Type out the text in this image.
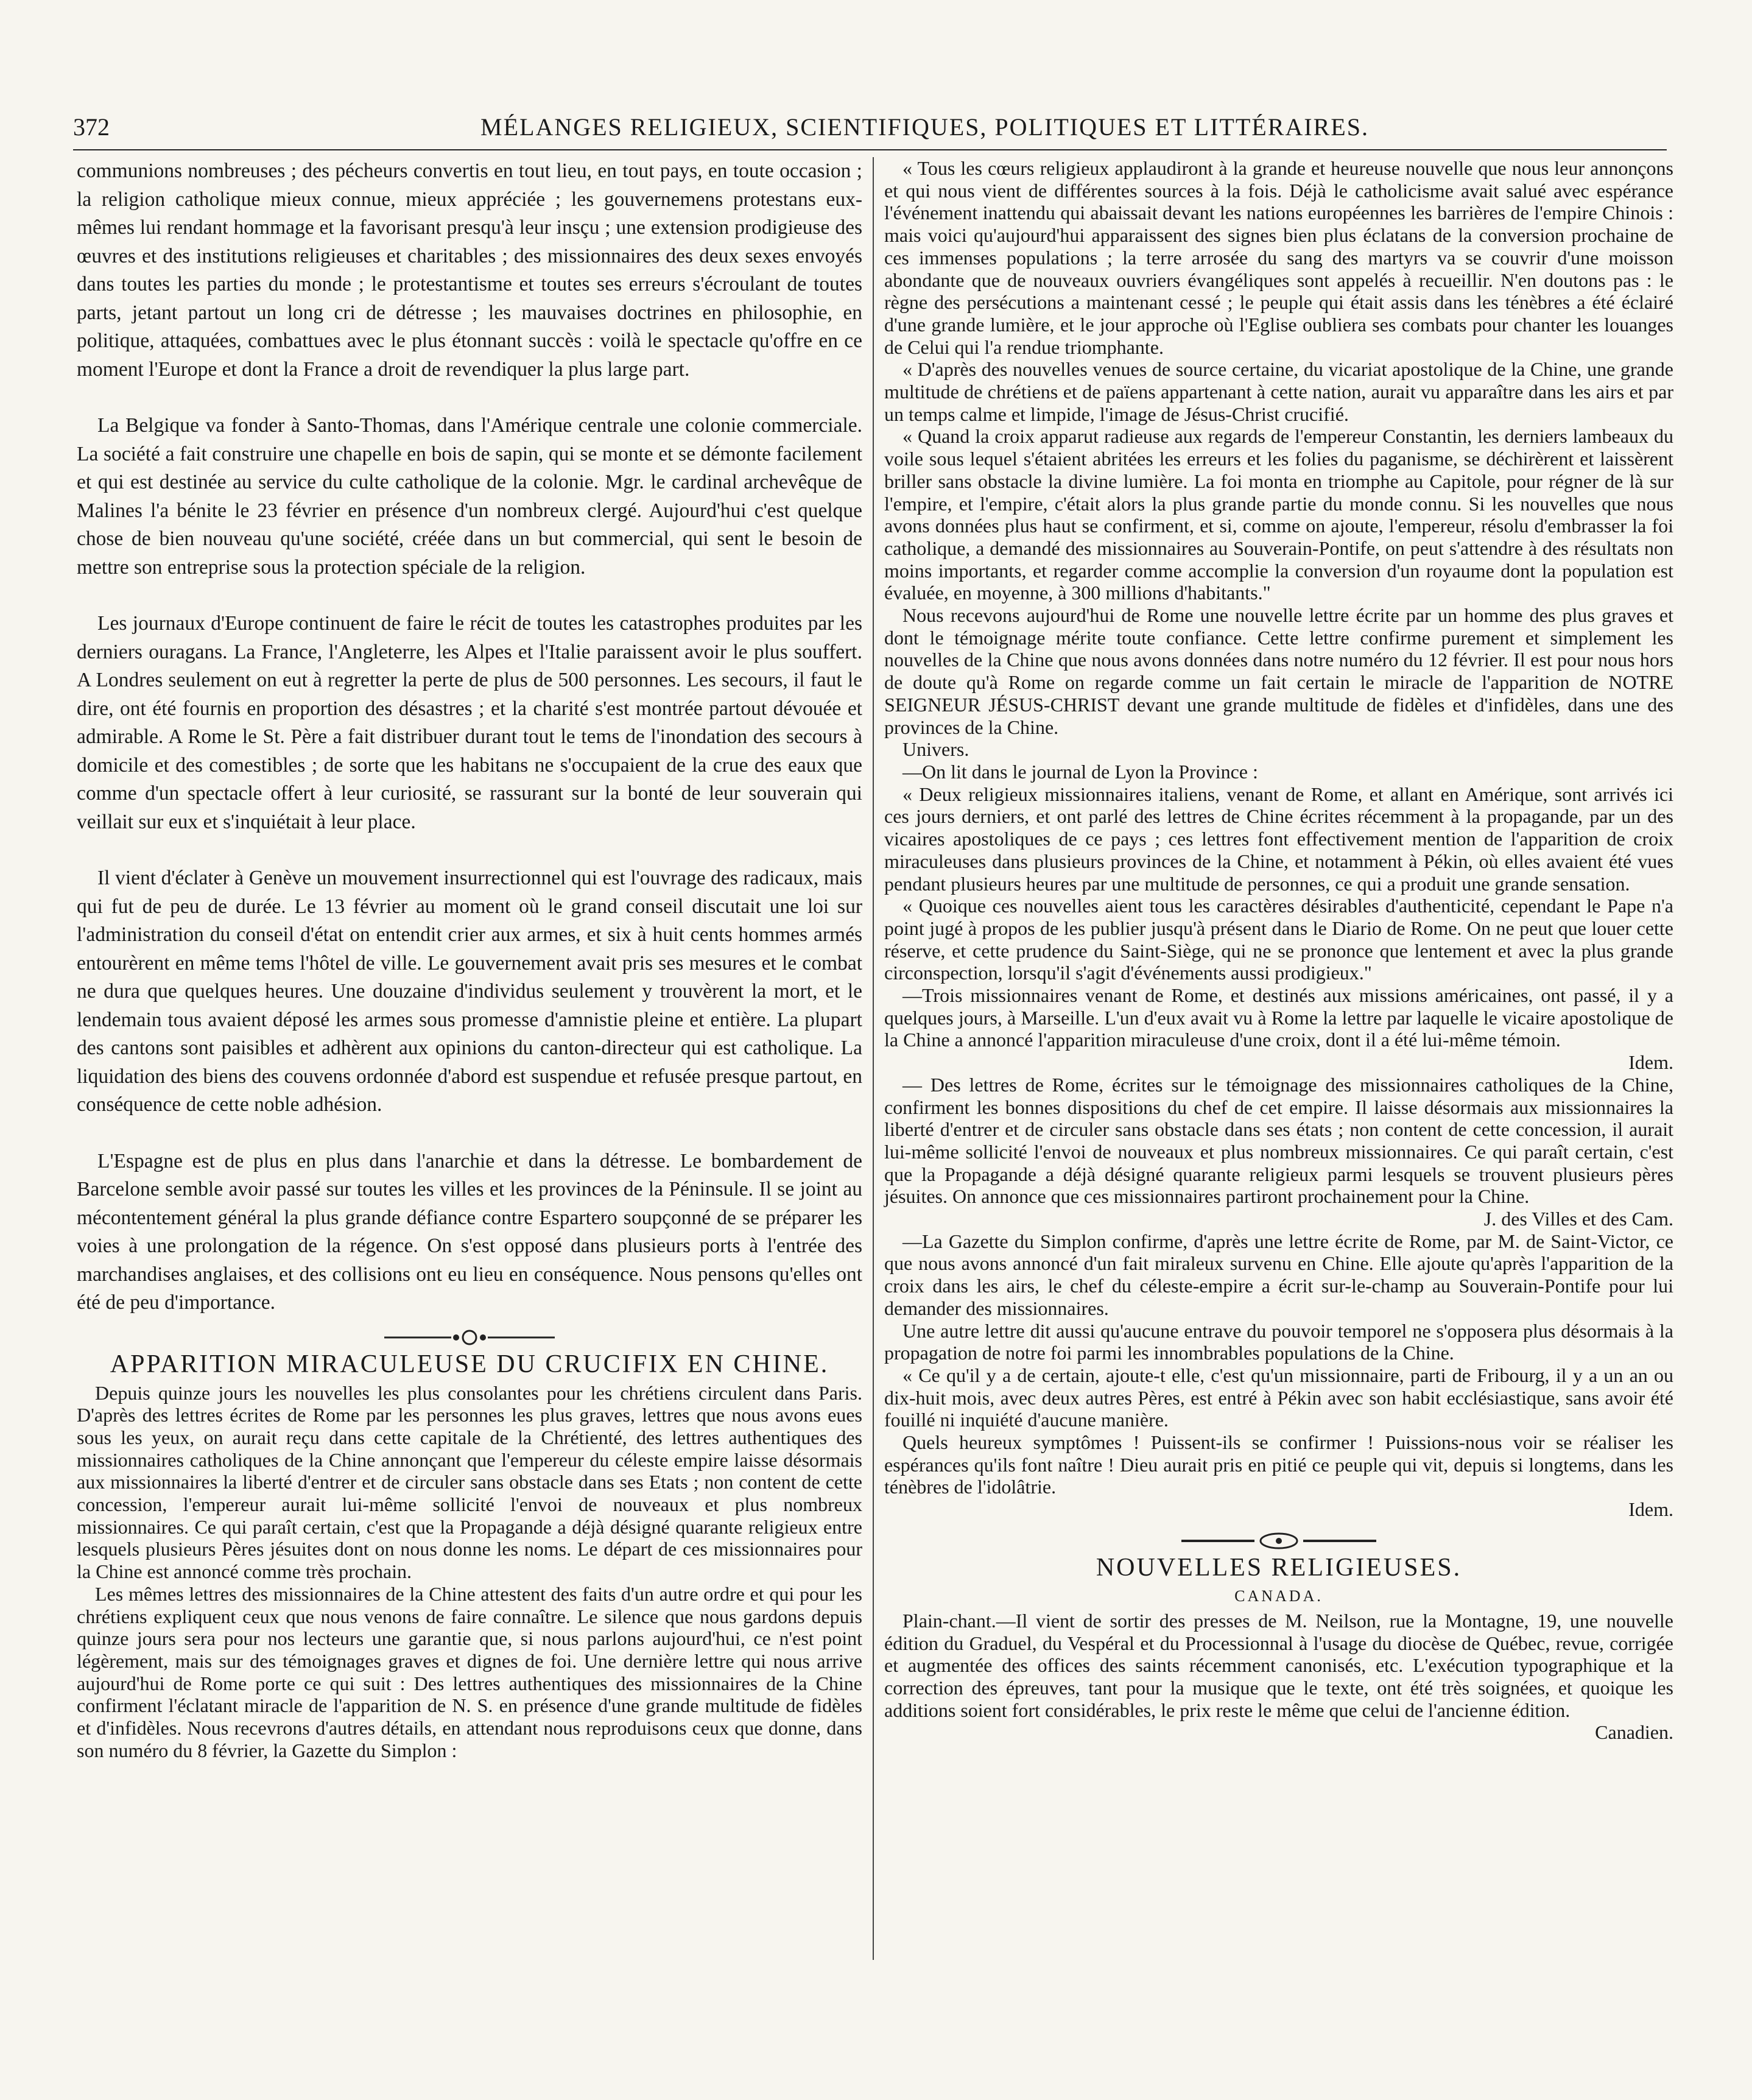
372	MÉLANGES RELIGIEUX, SCIENTIFIQUES, POLITIQUES ET LITTÉRAIRES.

communions nombreuses ; des pécheurs convertis en tout lieu, en tout pays, en toute occasion ; la religion catholique mieux connue, mieux appréciée ; les gouvernemens protestans eux-mêmes lui rendant hommage et la favorisant presqu'à leur insçu ; une extension prodigieuse des œuvres et des institutions religieuses et charitables ; des missionnaires des deux sexes envoyés dans toutes les parties du monde ; le protestantisme et toutes ses erreurs s'écroulant de toutes parts, jetant partout un long cri de détresse ; les mauvaises doctrines en philosophie, en politique, attaquées, combattues avec le plus étonnant succès : voilà le spectacle qu'offre en ce moment l'Europe et dont la France a droit de revendiquer la plus large part.

La Belgique va fonder à Santo-Thomas, dans l'Amérique centrale une colonie commerciale. La société a fait construire une chapelle en bois de sapin, qui se monte et se démonte facilement et qui est destinée au service du culte catholique de la colonie. Mgr. le cardinal archevêque de Malines l'a bénite le 23 février en présence d'un nombreux clergé. Aujourd'hui c'est quelque chose de bien nouveau qu'une société, créée dans un but commercial, qui sent le besoin de mettre son entreprise sous la protection spéciale de la religion.

Les journaux d'Europe continuent de faire le récit de toutes les catastrophes produites par les derniers ouragans. La France, l'Angleterre, les Alpes et l'Italie paraissent avoir le plus souffert. A Londres seulement on eut à regretter la perte de plus de 500 personnes. Les secours, il faut le dire, ont été fournis en proportion des désastres ; et la charité s'est montrée partout dévouée et admirable. A Rome le St. Père a fait distribuer durant tout le tems de l'inondation des secours à domicile et des comestibles ; de sorte que les habitans ne s'occupaient de la crue des eaux que comme d'un spectacle offert à leur curiosité, se rassurant sur la bonté de leur souverain qui veillait sur eux et s'inquiétait à leur place.

Il vient d'éclater à Genève un mouvement insurrectionnel qui est l'ouvrage des radicaux, mais qui fut de peu de durée. Le 13 février au moment où le grand conseil discutait une loi sur l'administration du conseil d'état on entendit crier aux armes, et six à huit cents hommes armés entourèrent en même tems l'hôtel de ville. Le gouvernement avait pris ses mesures et le combat ne dura que quelques heures. Une douzaine d'individus seulement y trouvèrent la mort, et le lendemain tous avaient déposé les armes sous promesse d'amnistie pleine et entière. La plupart des cantons sont paisibles et adhèrent aux opinions du canton-directeur qui est catholique. La liquidation des biens des couvens ordonnée d'abord est suspendue et refusée presque partout, en conséquence de cette noble adhésion.

L'Espagne est de plus en plus dans l'anarchie et dans la détresse. Le bombardement de Barcelone semble avoir passé sur toutes les villes et les provinces de la Péninsule. Il se joint au mécontentement général la plus grande défiance contre Espartero soupçonné de se préparer les voies à une prolongation de la régence. On s'est opposé dans plusieurs ports à l'entrée des marchandises anglaises, et des collisions ont eu lieu en conséquence. Nous pensons qu'elles ont été de peu d'importance.

APPARITION MIRACULEUSE DU CRUCIFIX EN CHINE.

Depuis quinze jours les nouvelles les plus consolantes pour les chrétiens circulent dans Paris. D'après des lettres écrites de Rome par les personnes les plus graves, lettres que nous avons eues sous les yeux, on aurait reçu dans cette capitale de la Chrétienté, des lettres authentiques des missionnaires catholiques de la Chine annonçant que l'empereur du céleste empire laisse désormais aux missionnaires la liberté d'entrer et de circuler sans obstacle dans ses Etats ; non content de cette concession, l'empereur aurait lui-même sollicité l'envoi de nouveaux et plus nombreux missionnaires. Ce qui paraît certain, c'est que la Propagande a déjà désigné quarante religieux entre lesquels plusieurs Pères jésuites dont on nous donne les noms. Le départ de ces missionnaires pour la Chine est annoncé comme très prochain.

Les mêmes lettres des missionnaires de la Chine attestent des faits d'un autre ordre et qui pour les chrétiens expliquent ceux que nous venons de faire connaître. Le silence que nous gardons depuis quinze jours sera pour nos lecteurs une garantie que, si nous parlons aujourd'hui, ce n'est point légèrement, mais sur des témoignages graves et dignes de foi. Une dernière lettre qui nous arrive aujourd'hui de Rome porte ce qui suit : Des lettres authentiques des missionnaires de la Chine confirment l'éclatant miracle de l'apparition de N. S. en présence d'une grande multitude de fidèles et d'infidèles. Nous recevrons d'autres détails, en attendant nous reproduisons ceux que donne, dans son numéro du 8 février, la Gazette du Simplon :

« Tous les cœurs religieux applaudiront à la grande et heureuse nouvelle que nous leur annonçons et qui nous vient de différentes sources à la fois. Déjà le catholicisme avait salué avec espérance l'événement inattendu qui abaissait devant les nations européennes les barrières de l'empire Chinois : mais voici qu'aujourd'hui apparaissent des signes bien plus éclatans de la conversion prochaine de ces immenses populations ; la terre arrosée du sang des martyrs va se couvrir d'une moisson abondante que de nouveaux ouvriers évangéliques sont appelés à recueillir. N'en doutons pas : le règne des persécutions a maintenant cessé ; le peuple qui était assis dans les ténèbres a été éclairé d'une grande lumière, et le jour approche où l'Eglise oubliera ses combats pour chanter les louanges de Celui qui l'a rendue triomphante.

« D'après des nouvelles venues de source certaine, du vicariat apostolique de la Chine, une grande multitude de chrétiens et de païens appartenant à cette nation, aurait vu apparaître dans les airs et par un temps calme et limpide, l'image de Jésus-Christ crucifié.

« Quand la croix apparut radieuse aux regards de l'empereur Constantin, les derniers lambeaux du voile sous lequel s'étaient abritées les erreurs et les folies du paganisme, se déchirèrent et laissèrent briller sans obstacle la divine lumière. La foi monta en triomphe au Capitole, pour régner de là sur l'empire, et l'empire, c'était alors la plus grande partie du monde connu. Si les nouvelles que nous avons données plus haut se confirment, et si, comme on ajoute, l'empereur, résolu d'embrasser la foi catholique, a demandé des missionnaires au Souverain-Pontife, on peut s'attendre à des résultats non moins importants, et regarder comme accomplie la conversion d'un royaume dont la population est évaluée, en moyenne, à 300 millions d'habitants."

Nous recevons aujourd'hui de Rome une nouvelle lettre écrite par un homme des plus graves et dont le témoignage mérite toute confiance. Cette lettre confirme purement et simplement les nouvelles de la Chine que nous avons données dans notre numéro du 12 février. Il est pour nous hors de doute qu'à Rome on regarde comme un fait certain le miracle de l'apparition de NOTRE SEIGNEUR JÉSUS-CHRIST devant une grande multitude de fidèles et d'infidèles, dans une des provinces de la Chine.

Univers.

—On lit dans le journal de Lyon la Province :

« Deux religieux missionnaires italiens, venant de Rome, et allant en Amérique, sont arrivés ici ces jours derniers, et ont parlé des lettres de Chine écrites récemment à la propagande, par un des vicaires apostoliques de ce pays ; ces lettres font effectivement mention de l'apparition de croix miraculeuses dans plusieurs provinces de la Chine, et notamment à Pékin, où elles avaient été vues pendant plusieurs heures par une multitude de personnes, ce qui a produit une grande sensation.

« Quoique ces nouvelles aient tous les caractères désirables d'authenticité, cependant le Pape n'a point jugé à propos de les publier jusqu'à présent dans le Diario de Rome. On ne peut que louer cette réserve, et cette prudence du Saint-Siège, qui ne se prononce que lentement et avec la plus grande circonspection, lorsqu'il s'agit d'événements aussi prodigieux."

—Trois missionnaires venant de Rome, et destinés aux missions américaines, ont passé, il y a quelques jours, à Marseille. L'un d'eux avait vu à Rome la lettre par laquelle le vicaire apostolique de la Chine a annoncé l'apparition miraculeuse d'une croix, dont il a été lui-même témoin.

Idem.

— Des lettres de Rome, écrites sur le témoignage des missionnaires catholiques de la Chine, confirment les bonnes dispositions du chef de cet empire. Il laisse désormais aux missionnaires la liberté d'entrer et de circuler sans obstacle dans ses états ; non content de cette concession, il aurait lui-même sollicité l'envoi de nouveaux et plus nombreux missionnaires. Ce qui paraît certain, c'est que la Propagande a déjà désigné quarante religieux parmi lesquels se trouvent plusieurs pères jésuites. On annonce que ces missionnaires partiront prochainement pour la Chine.

J. des Villes et des Cam.

—La Gazette du Simplon confirme, d'après une lettre écrite de Rome, par M. de Saint-Victor, ce que nous avons annoncé d'un fait miraleux survenu en Chine. Elle ajoute qu'après l'apparition de la croix dans les airs, le chef du céleste-empire a écrit sur-le-champ au Souverain-Pontife pour lui demander des missionnaires.

Une autre lettre dit aussi qu'aucune entrave du pouvoir temporel ne s'opposera plus désormais à la propagation de notre foi parmi les innombrables populations de la Chine.

« Ce qu'il y a de certain, ajoute-t elle, c'est qu'un missionnaire, parti de Fribourg, il y a un an ou dix-huit mois, avec deux autres Pères, est entré à Pékin avec son habit ecclésiastique, sans avoir été fouillé ni inquiété d'aucune manière.

Quels heureux symptômes ! Puissent-ils se confirmer ! Puissions-nous voir se réaliser les espérances qu'ils font naître ! Dieu aurait pris en pitié ce peuple qui vit, depuis si longtems, dans les ténèbres de l'idolâtrie.

Idem.

NOUVELLES RELIGIEUSES.
CANADA.

Plain-chant.—Il vient de sortir des presses de M. Neilson, rue la Montagne, 19, une nouvelle édition du Graduel, du Vespéral et du Processionnal à l'usage du diocèse de Québec, revue, corrigée et augmentée des offices des saints récemment canonisés, etc. L'exécution typographique et la correction des épreuves, tant pour la musique que le texte, ont été très soignées, et quoique les additions soient fort considérables, le prix reste le même que celui de l'ancienne édition.

Canadien.
